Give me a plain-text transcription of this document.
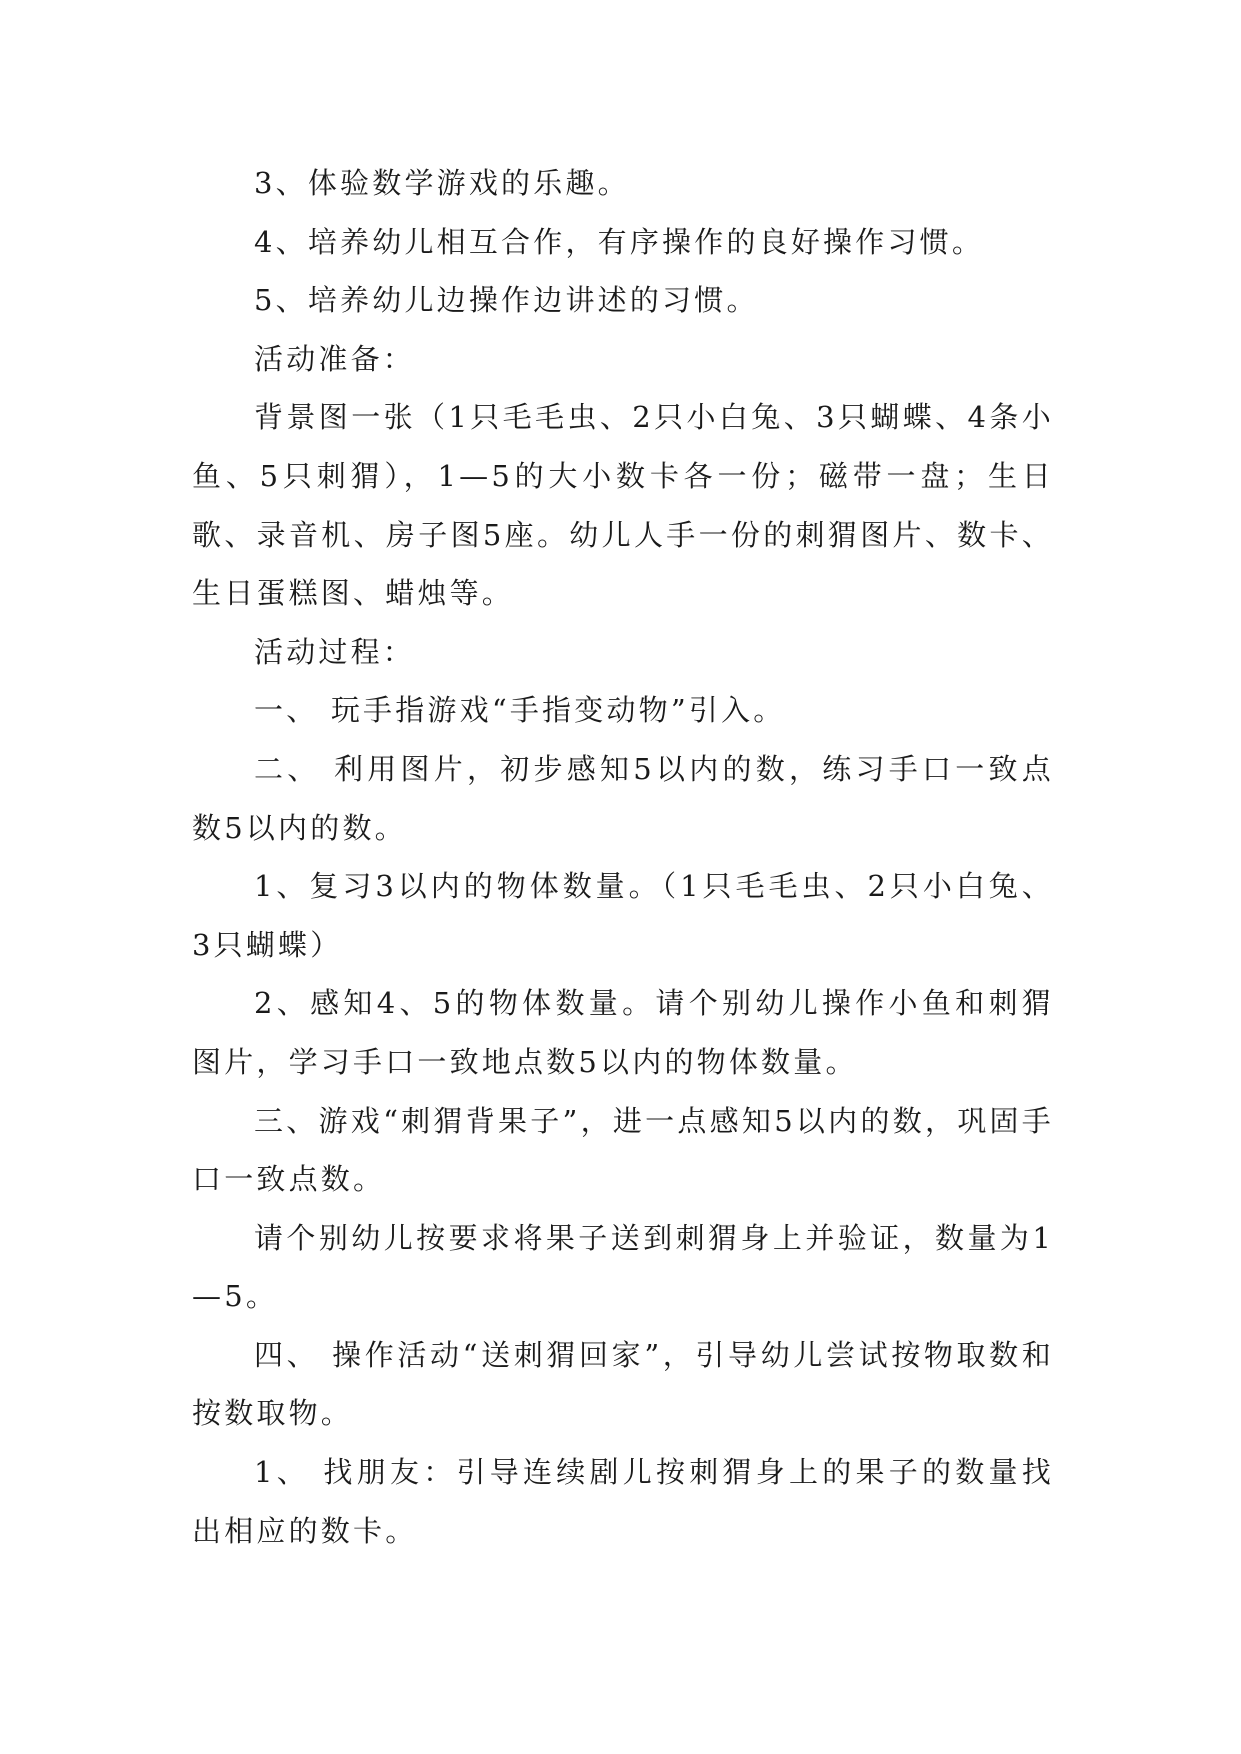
3、体验数学游戏的乐趣。

4、培养幼儿相互合作，有序操作的良好操作习惯。

5、培养幼儿边操作边讲述的习惯。

活动准备：

背景图一张（1只毛毛虫、2只小白兔、3只蝴蝶、4条小鱼、5只刺猬），1—5的大小数卡各一份；磁带一盘；生日歌、录音机、房子图5座。幼儿人手一份的刺猬图片、数卡、生日蛋糕图、蜡烛等。

活动过程：

一、 玩手指游戏“手指变动物”引入。

二、 利用图片，初步感知5以内的数，练习手口一致点数5以内的数。

1、复习3以内的物体数量。（1只毛毛虫、2只小白兔、3只蝴蝶）

2、感知4、5的物体数量。请个别幼儿操作小鱼和刺猬图片，学习手口一致地点数5以内的物体数量。

三、游戏“刺猬背果子”，进一点感知5以内的数，巩固手口一致点数。

请个别幼儿按要求将果子送到刺猬身上并验证，数量为1—5。

四、 操作活动“送刺猬回家”，引导幼儿尝试按物取数和按数取物。

1、 找朋友：引导连续剧儿按刺猬身上的果子的数量找出相应的数卡。
